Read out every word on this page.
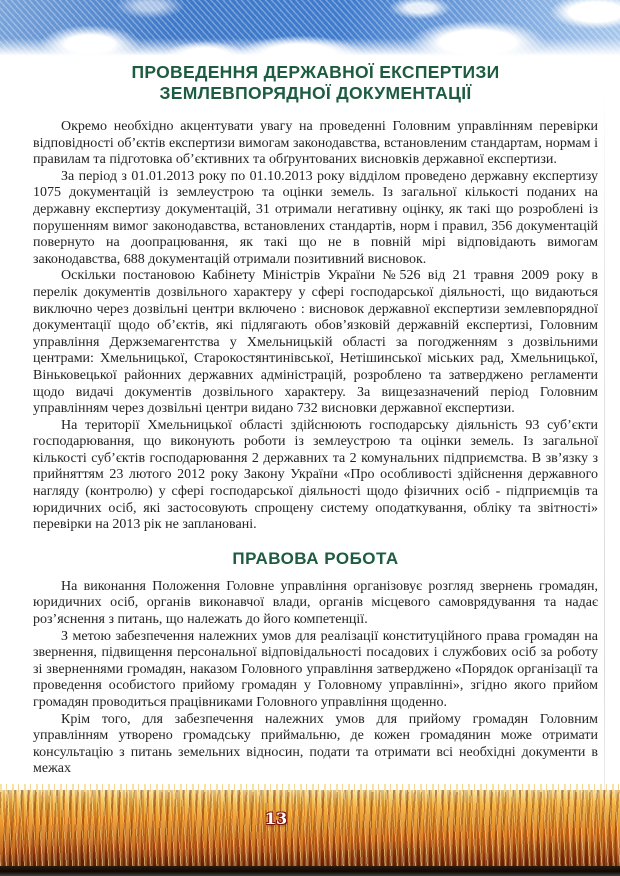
ПРОВЕДЕННЯ ДЕРЖАВНОЇ ЕКСПЕРТИЗИ
ЗЕМЛЕВПОРЯДНОЇ ДОКУМЕНТАЦІЇ

Окремо необхідно акцентувати увагу на проведенні Головним управлінням перевірки відповідності об’єктів експертизи вимогам законодавства, встановленим стандартам, нормам і правилам та підготовка об’єктивних та обґрунтованих висновків державної експертизи.

За період з 01.01.2013 року по 01.10.2013 року відділом проведено державну експертизу 1075 документацій із землеустрою та оцінки земель. Із загальної кількості поданих на державну експертизу документацій, 31 отримали негативну оцінку, як такі що розроблені із порушенням вимог законодавства, встановлених стандартів, норм і правил, 356 документацій повернуто на доопрацювання, як такі що не в повній мірі відповідають вимогам законодавства, 688 документацій отримали позитивний висновок.

Оскільки постановою Кабінету Міністрів України №526 від 21 травня 2009 року в перелік документів дозвільного характеру у сфері господарської діяльності, що видаються виключно через дозвільні центри включено : висновок державної експертизи землевпорядної документації щодо об’єктів, які підлягають обов’язковій державній експертизі, Головним управління Держземагентства у Хмельницькій області за погодженням з дозвільними центрами: Хмельницької, Старокостянтинівської, Нетішинської міських рад, Хмельницької, Віньковецької районних державних адміністрацій, розроблено та затверджено регламенти щодо видачі документів дозвільного характеру. За вищезазначений період Головним управлінням через дозвільні центри видано 732 висновки державної експертизи.

На території Хмельницької області здійснюють господарську діяльність 93 суб’єкти господарювання, що виконують роботи із землеустрою та оцінки земель. Із загальної кількості суб’єктів господарювання 2 державних та 2 комунальних підприємства. В зв’язку з прийняттям 23 лютого 2012 року Закону України «Про особливості здійснення державного нагляду (контролю) у сфері господарської діяльності щодо фізичних осіб - підприємців та юридичних осіб, які застосовують спрощену систему оподаткування, обліку та звітності» перевірки на 2013 рік не заплановані.

ПРАВОВА РОБОТА

На виконання Положення Головне управління організовує розгляд звернень громадян, юридичних осіб, органів виконавчої влади, органів місцевого самоврядування та надає роз’яснення з питань, що належать до його компетенції.

З метою забезпечення належних умов для реалізації конституційного права громадян на звернення, підвищення персональної відповідальності посадових і службових осіб за роботу зі зверненнями громадян, наказом Головного управління затверджено «Порядок організації та проведення особистого прийому громадян у Головному управлінні», згідно якого прийом громадян проводиться працівниками Головного управління щоденно.

Крім того, для забезпечення належних умов для прийому громадян Головним управлінням утворено громадську приймальню, де кожен громадянин може отримати консультацію з питань земельних відносин, подати та отримати всі необхідні документи в межах

13
